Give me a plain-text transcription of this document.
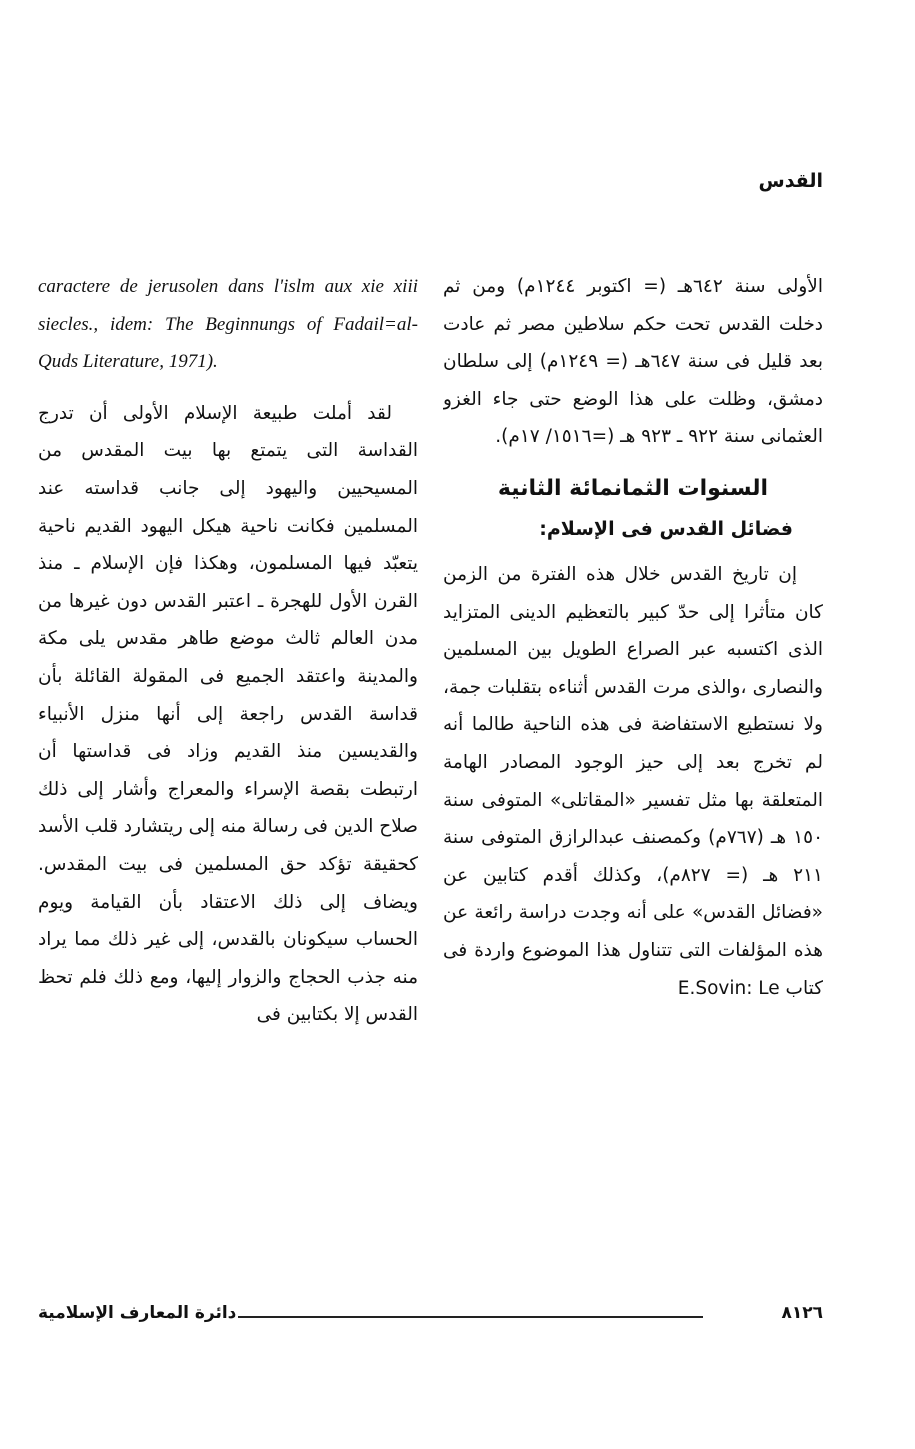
القدس

الأولى سنة ٦٤٢هـ (= اكتوبر ١٢٤٤م) ومن ثم دخلت القدس تحت حكم سلاطين مصر ثم عادت بعد قليل فى سنة ٦٤٧هـ (= ١٢٤٩م) إلى سلطان دمشق، وظلت على هذا الوضع حتى جاء الغزو العثمانى سنة ٩٢٢ ـ ٩٢٣ هـ (=١٥١٦/ ١٧م).

السنوات الثمانمائة الثانية
فضائل القدس فى الإسلام:

إن تاريخ القدس خلال هذه الفترة من الزمن كان متأثرا إلى حدّ كبير بالتعظيم الدينى المتزايد الذى اكتسبه عبر الصراع الطويل بين المسلمين والنصارى ،والذى مرت القدس أثناءه بتقلبات جمة، ولا نستطيع الاستفاضة فى هذه الناحية طالما أنه لم تخرج بعد إلى حيز الوجود المصادر الهامة المتعلقة بها مثل تفسير «المقاتلى» المتوفى سنة ١٥٠ هـ (٧٦٧م) وكمصنف عبدالرازق المتوفى سنة ٢١١ هـ (= ٨٢٧م)، وكذلك أقدم كتابين عن «فضائل القدس» على أنه وجدت دراسة رائعة عن هذه المؤلفات التى تتناول هذا الموضوع واردة فى كتاب E.Sovin: Le

caractere de jerusolen dans l'islm aux xie xiii siecles., idem: The Beginnungs of Fadail=al- Quds Literature, 1971).

لقد أملت طبيعة الإسلام الأولى أن تدرج القداسة التى يتمتع بها بيت المقدس من المسيحيين واليهود إلى جانب قداسته عند المسلمين فكانت ناحية هيكل اليهود القديم ناحية يتعبّد فيها المسلمون، وهكذا فإن الإسلام ـ منذ القرن الأول للهجرة ـ اعتبر القدس دون غيرها من مدن العالم ثالث موضع طاهر مقدس يلى مكة والمدينة واعتقد الجميع فى المقولة القائلة بأن قداسة القدس راجعة إلى أنها منزل الأنبياء والقديسين منذ القديم وزاد فى قداستها أن ارتبطت بقصة الإسراء والمعراج وأشار إلى ذلك صلاح الدين فى رسالة منه إلى ريتشارد قلب الأسد كحقيقة تؤكد حق المسلمين فى بيت المقدس. ويضاف إلى ذلك الاعتقاد بأن القيامة ويوم الحساب سيكونان بالقدس، إلى غير ذلك مما يراد منه جذب الحجاج والزوار إليها، ومع ذلك فلم تحظ القدس إلا بكتابين فى

٨١٢٦
دائرة المعارف الإسلامية
